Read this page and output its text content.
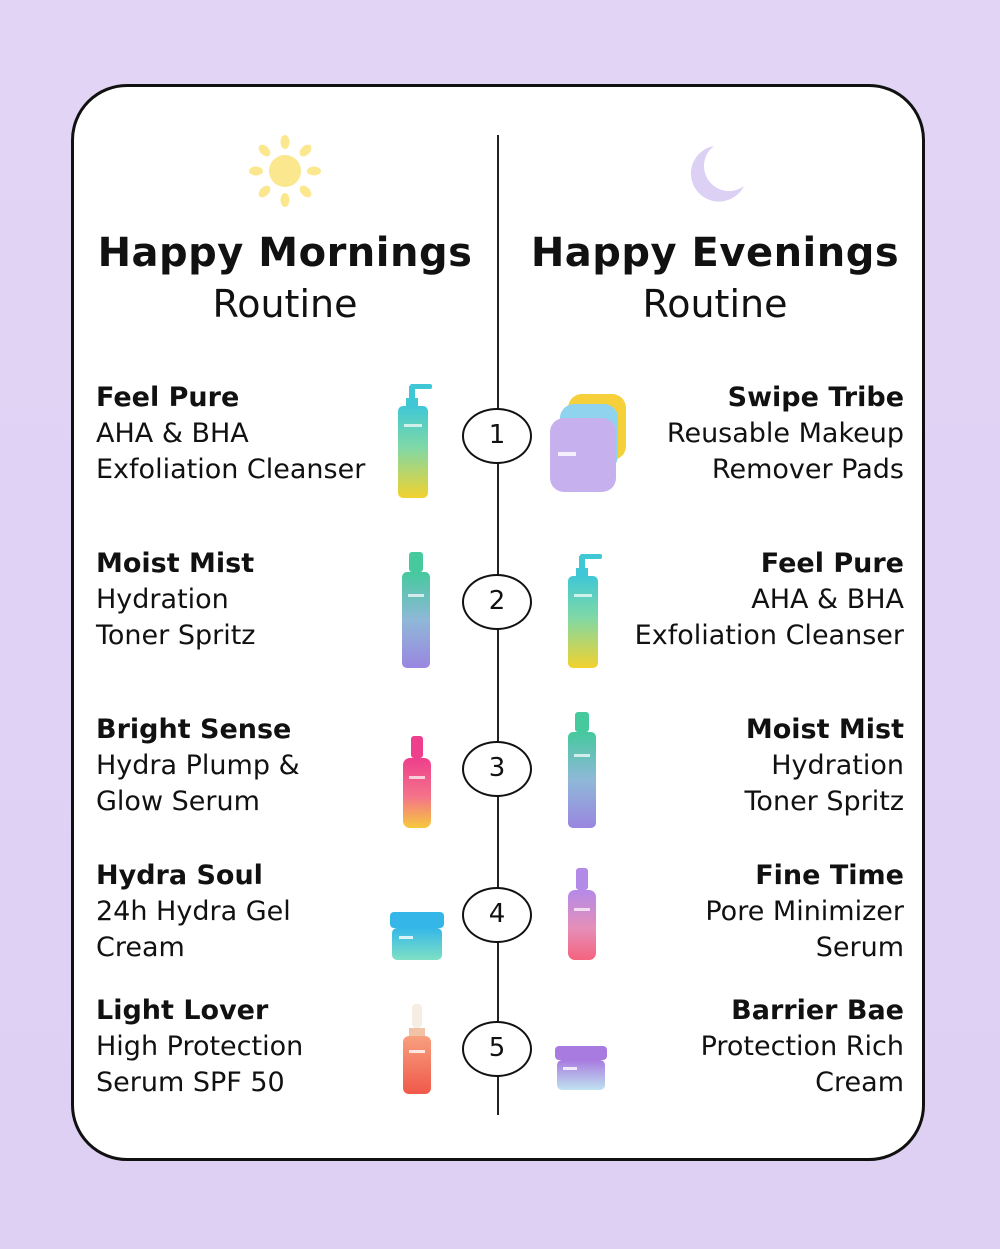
Happy Mornings
Routine
Happy Evenings
Routine
1
2
3
4
5
Feel Pure
AHA & BHA
Exfoliation Cleanser
Moist Mist
Hydration
Toner Spritz
Bright Sense
Hydra Plump &
Glow Serum
Hydra Soul
24h Hydra Gel
Cream
Light Lover
High Protection
Serum SPF 50
Swipe Tribe
Reusable Makeup
Remover Pads
Feel Pure
AHA & BHA
Exfoliation Cleanser
Moist Mist
Hydration
Toner Spritz
Fine Time
Pore Minimizer
Serum
Barrier Bae
Protection Rich
Cream
